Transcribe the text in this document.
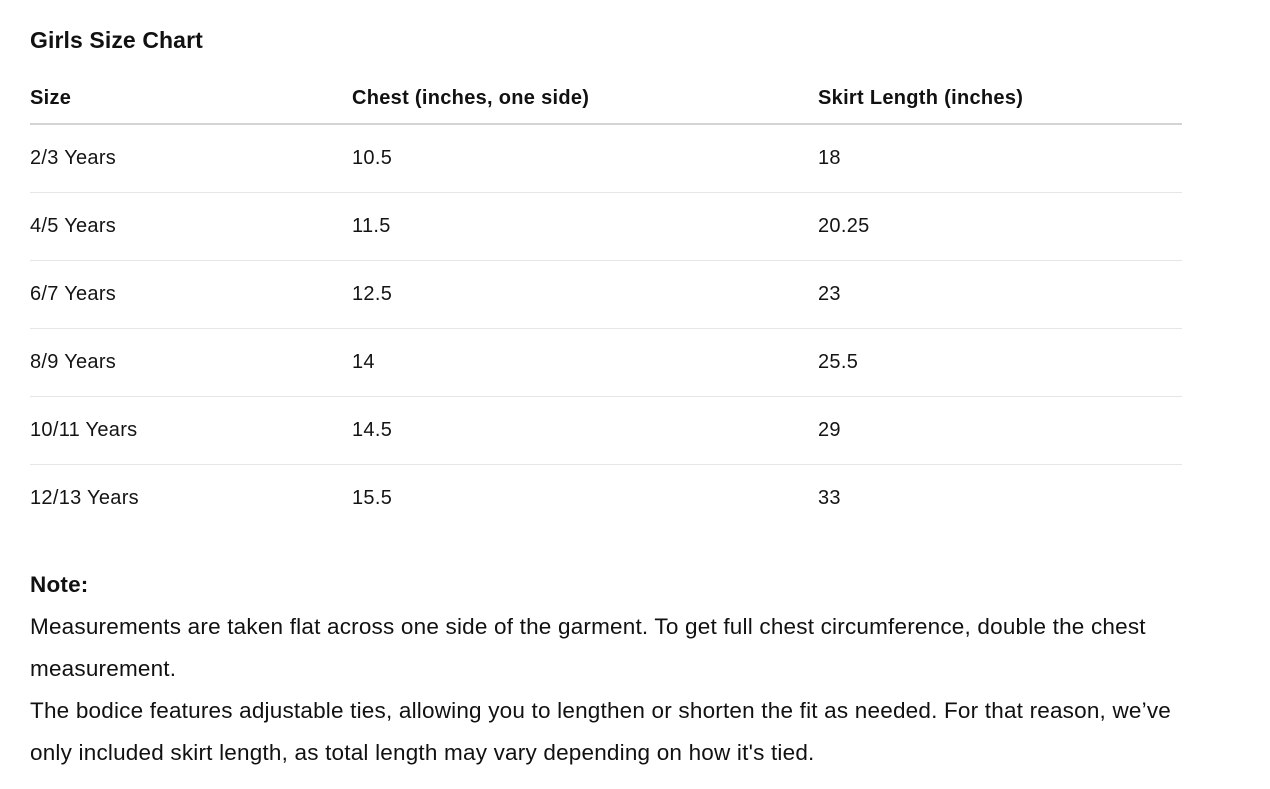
Girls Size Chart
Size	Chest (inches, one side)	Skirt Length (inches)
2/3 Years	10.5	18
4/5 Years	11.5	20.25
6/7 Years	12.5	23
8/9 Years	14	25.5
10/11 Years	14.5	29
12/13 Years	15.5	33
Note:

Measurements are taken flat across one side of the garment. To get full chest circumference, double the chest measurement.

The bodice features adjustable ties, allowing you to lengthen or shorten the fit as needed. For that reason, we’ve only included skirt length, as total length may vary depending on how it's tied.
